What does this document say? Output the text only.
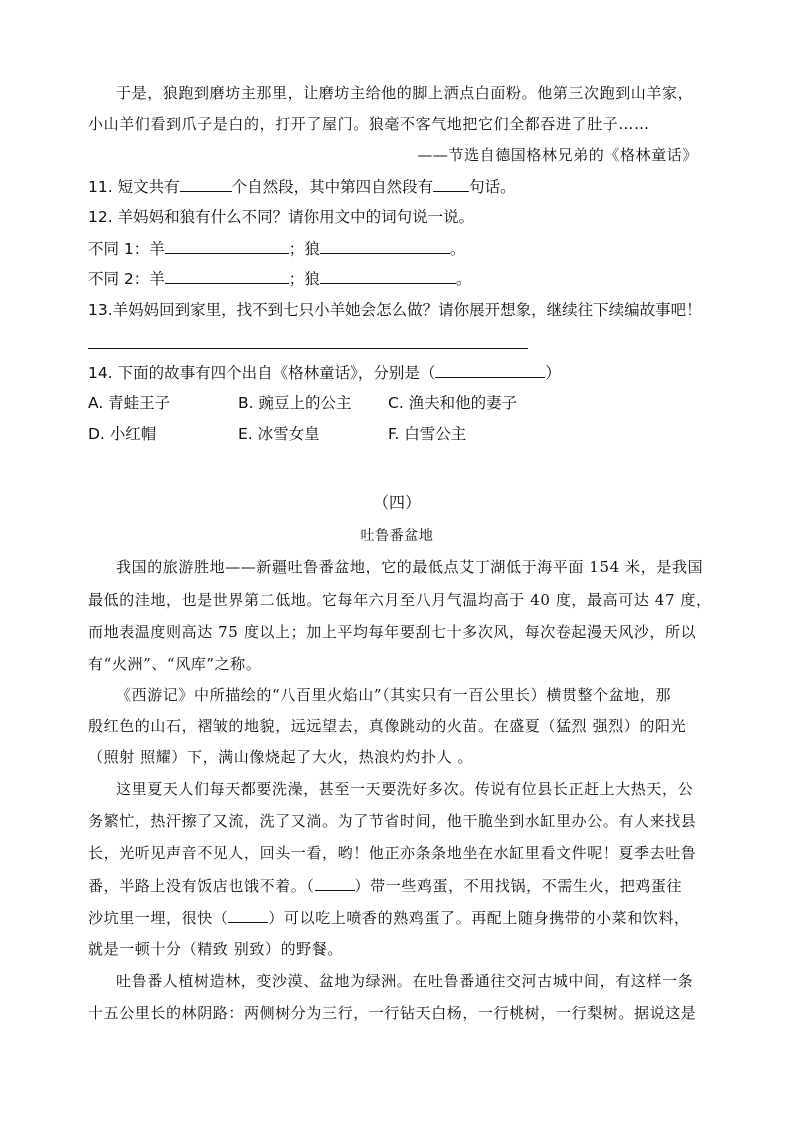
于是，狼跑到磨坊主那里，让磨坊主给他的脚上洒点白面粉。他第三次跑到山羊家，
小山羊们看到爪子是白的，打开了屋门。狼毫不客气地把它们全都吞进了肚子……
——节选自德国格林兄弟的《格林童话》
11. 短文共有	个自然段，其中第四自然段有 句话。
12. 羊妈妈和狼有什么不同？请你用文中的词句说一说。
不同 1：羊	；狼	。
不同 2：羊	；狼	。
13.羊妈妈回到家里，找不到七只小羊她会怎么做？请你展开想象，继续往下续编故事吧！
14. 下面的故事有四个出自《格林童话》，分别是（	）
A. 青蛙王子	B. 豌豆上的公主 C. 渔夫和他的妻子
D. 小红帽	E. 冰雪女皇	F. 白雪公主
（四）
吐鲁番盆地
我国的旅游胜地——新疆吐鲁番盆地，它的最低点艾丁湖低于海平面 154 米，是我国
最低的洼地，也是世界第二低地。它每年六月至八月气温均高于 40 度，最高可达 47 度，
而地表温度则高达 75 度以上；加上平均每年要刮七十多次风，每次卷起漫天风沙，所以
有“火洲”、“风库”之称。
《西游记》中所描绘的“八百里火焰山”（其实只有一百公里长）横贯整个盆地，那
殷红色的山石，褶皱的地貌，远远望去，真像跳动的火苗。在盛夏（猛烈 强烈）的阳光
（照射 照耀）下，满山像烧起了大火，热浪灼灼扑人 。
这里夏天人们每天都要洗澡，甚至一天要洗好多次。传说有位县长正赶上大热天，公
务繁忙，热汗擦了又流，洗了又淌。为了节省时间，他干脆坐到水缸里办公。有人来找县
长，光听见声音不见人，回头一看，哟！他正亦条条地坐在水缸里看文件呢！夏季去吐鲁
番，半路上没有饭店也饿不着。（	）带一些鸡蛋，不用找锅，不需生火，把鸡蛋往
沙坑里一埋，很快（	）可以吃上喷香的熟鸡蛋了。再配上随身携带的小菜和饮料，
就是一顿十分（精致 别致）的野餐。
吐鲁番人植树造林，变沙漠、盆地为绿洲。在吐鲁番通往交河古城中间，有这样一条
十五公里长的林阴路：两侧树分为三行，一行钻天白杨，一行桃树，一行梨树。据说这是
